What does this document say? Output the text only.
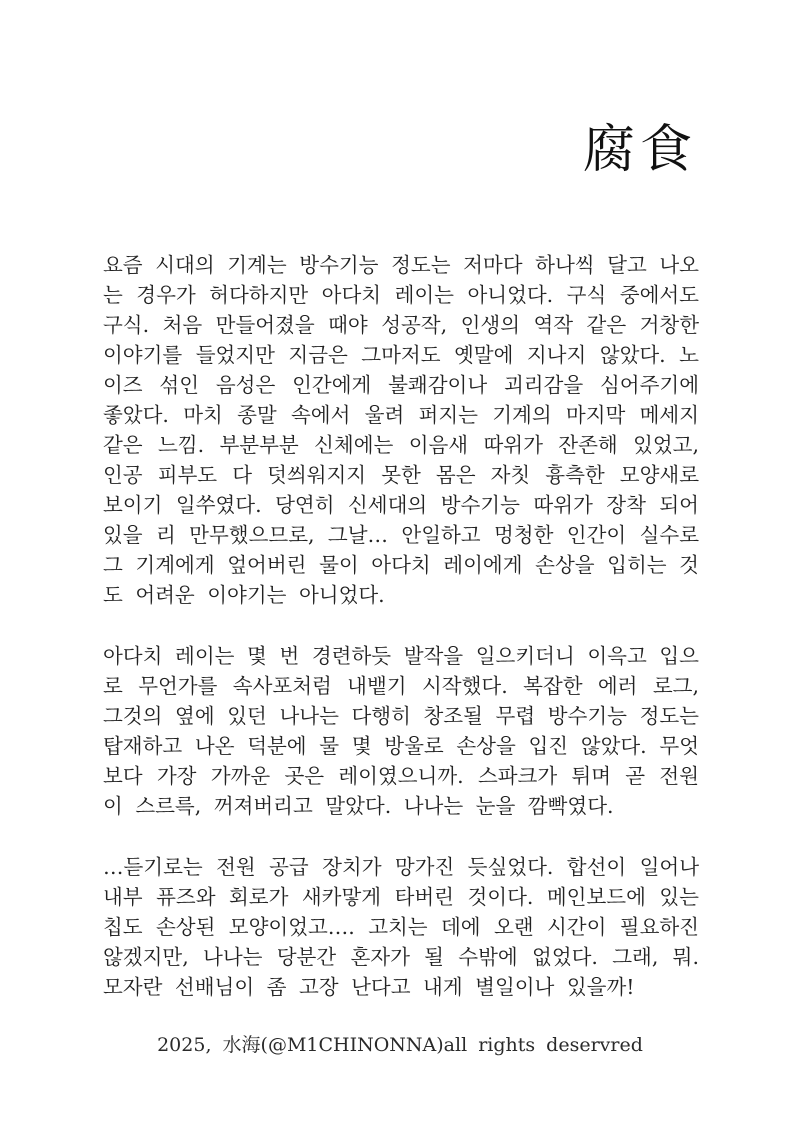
腐食

요즘 시대의 기계는 방수기능 정도는 저마다 하나씩 달고 나오는 경우가 허다하지만 아다치 레이는 아니었다. 구식 중에서도 구식. 처음 만들어졌을 때야 성공작, 인생의 역작 같은 거창한 이야기를 들었지만 지금은 그마저도 옛말에 지나지 않았다. 노이즈 섞인 음성은 인간에게 불쾌감이나 괴리감을 심어주기에 좋았다. 마치 종말 속에서 울려 퍼지는 기계의 마지막 메세지 같은 느낌. 부분부분 신체에는 이음새 따위가 잔존해 있었고, 인공 피부도 다 덧씌워지지 못한 몸은 자칫 흉측한 모양새로 보이기 일쑤였다. 당연히 신세대의 방수기능 따위가 장착 되어 있을 리 만무했으므로, 그날… 안일하고 멍청한 인간이 실수로 그 기계에게 엎어버린 물이 아다치 레이에게 손상을 입히는 것도 어려운 이야기는 아니었다.

아다치 레이는 몇 번 경련하듯 발작을 일으키더니 이윽고 입으로 무언가를 속사포처럼 내뱉기 시작했다. 복잡한 에러 로그, 그것의 옆에 있던 나나는 다행히 창조될 무렵 방수기능 정도는 탑재하고 나온 덕분에 물 몇 방울로 손상을 입진 않았다. 무엇보다 가장 가까운 곳은 레이였으니까. 스파크가 튀며 곧 전원이 스르륵, 꺼져버리고 말았다. 나나는 눈을 깜빡였다.

…듣기로는 전원 공급 장치가 망가진 듯싶었다. 합선이 일어나 내부 퓨즈와 회로가 새카맣게 타버린 것이다. 메인보드에 있는 칩도 손상된 모양이었고…. 고치는 데에 오랜 시간이 필요하진 않겠지만, 나나는 당분간 혼자가 될 수밖에 없었다. 그래, 뭐. 모자란 선배님이 좀 고장 난다고 내게 별일이나 있을까!

2025, 水海(@M1CHINONNA)all rights deservred
